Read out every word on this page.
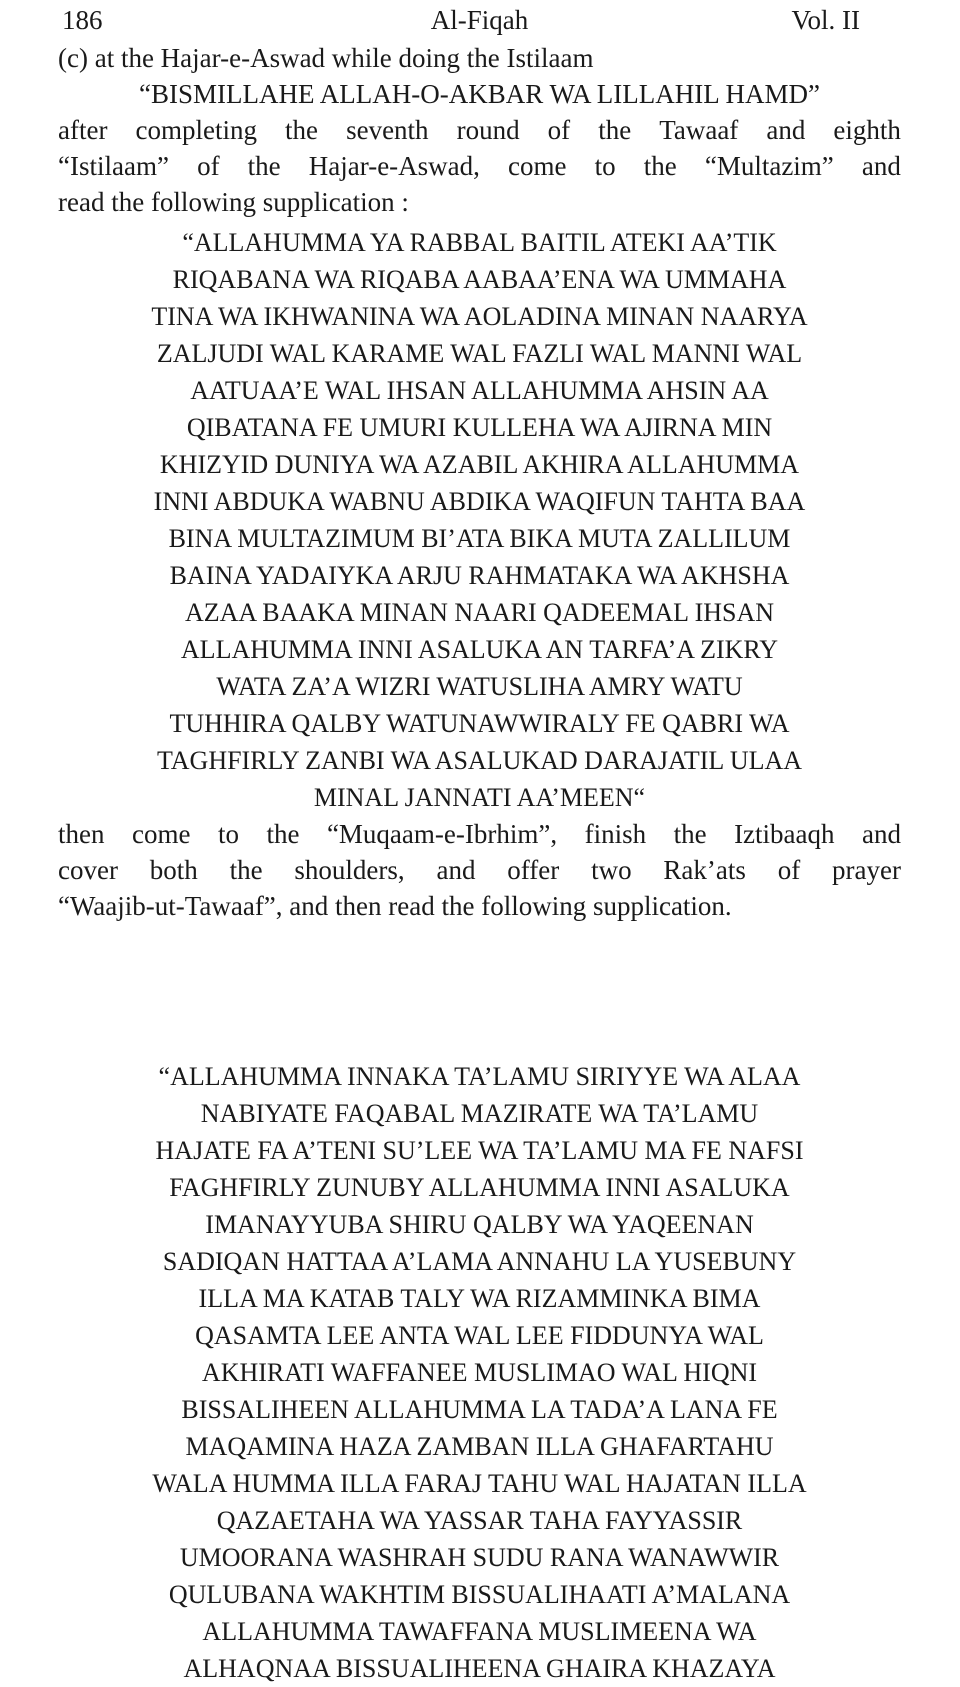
186	Al-Fiqah	Vol. II

(c) at the Hajar-e-Aswad while doing the Istilaam

“BISMILLAHE ALLAH-O-AKBAR WA LILLAHIL HAMD”

after completing the seventh round of the Tawaaf and eighth
“Istilaam” of the Hajar-e-Aswad, come to the “Multazim” and
read the following supplication :
“ALLAHUMMA YA RABBAL BAITIL ATEKI AA’TIK
RIQABANA WA RIQABA AABAA’ENA WA UMMAHA
TINA WA IKHWANINA WA AOLADINA MINAN NAARYA
ZALJUDI WAL KARAME WAL FAZLI WAL MANNI WAL
AATUAA’E WAL IHSAN ALLAHUMMA AHSIN AA
QIBATANA FE UMURI KULLEHA WA AJIRNA MIN
KHIZYID DUNIYA WA AZABIL AKHIRA ALLAHUMMA
INNI ABDUKA WABNU ABDIKA WAQIFUN TAHTA BAA
BINA MULTAZIMUM BI’ATA BIKA MUTA ZALLILUM
BAINA YADAIYKA ARJU RAHMATAKA WA AKHSHA
AZAA BAAKA MINAN NAARI QADEEMAL IHSAN
ALLAHUMMA INNI ASALUKA AN TARFA’A ZIKRY
WATA ZA’A WIZRI WATUSLIHA AMRY WATU
TUHHIRA QALBY WATUNAWWIRALY FE QABRI WA
TAGHFIRLY ZANBI WA ASALUKAD DARAJATIL ULAA
MINAL JANNATI AA’MEEN“
then come to the “Muqaam-e-Ibrhim”, finish the Iztibaaqh and
cover both the shoulders, and offer two Rak’ats of prayer
“Waajib-ut-Tawaaf”, and then read the following supplication.
“ALLAHUMMA INNAKA TA’LAMU SIRIYYE WA ALAA
NABIYATE FAQABAL MAZIRATE WA TA’LAMU
HAJATE FA A’TENI SU’LEE WA TA’LAMU MA FE NAFSI
FAGHFIRLY ZUNUBY ALLAHUMMA INNI ASALUKA
IMANAYYUBA SHIRU QALBY WA YAQEENAN
SADIQAN HATTAA A’LAMA ANNAHU LA YUSEBUNY
ILLA MA KATAB TALY WA RIZAMMINKA BIMA
QASAMTA LEE ANTA WAL LEE FIDDUNYA WAL
AKHIRATI WAFFANEE MUSLIMAO WAL HIQNI
BISSALIHEEN ALLAHUMMA LA TADA’A LANA FE
MAQAMINA HAZA ZAMBAN ILLA GHAFARTAHU
WALA HUMMA ILLA FARAJ TAHU WAL HAJATAN ILLA
QAZAETAHA WA YASSAR TAHA FAYYASSIR
UMOORANA WASHRAH SUDU RANA WANAWWIR
QULUBANA WAKHTIM BISSUALIHAATI A’MALANA
ALLAHUMMA TAWAFFANA MUSLIMEENA WA
ALHAQNAA BISSUALIHEENA GHAIRA KHAZAYA
